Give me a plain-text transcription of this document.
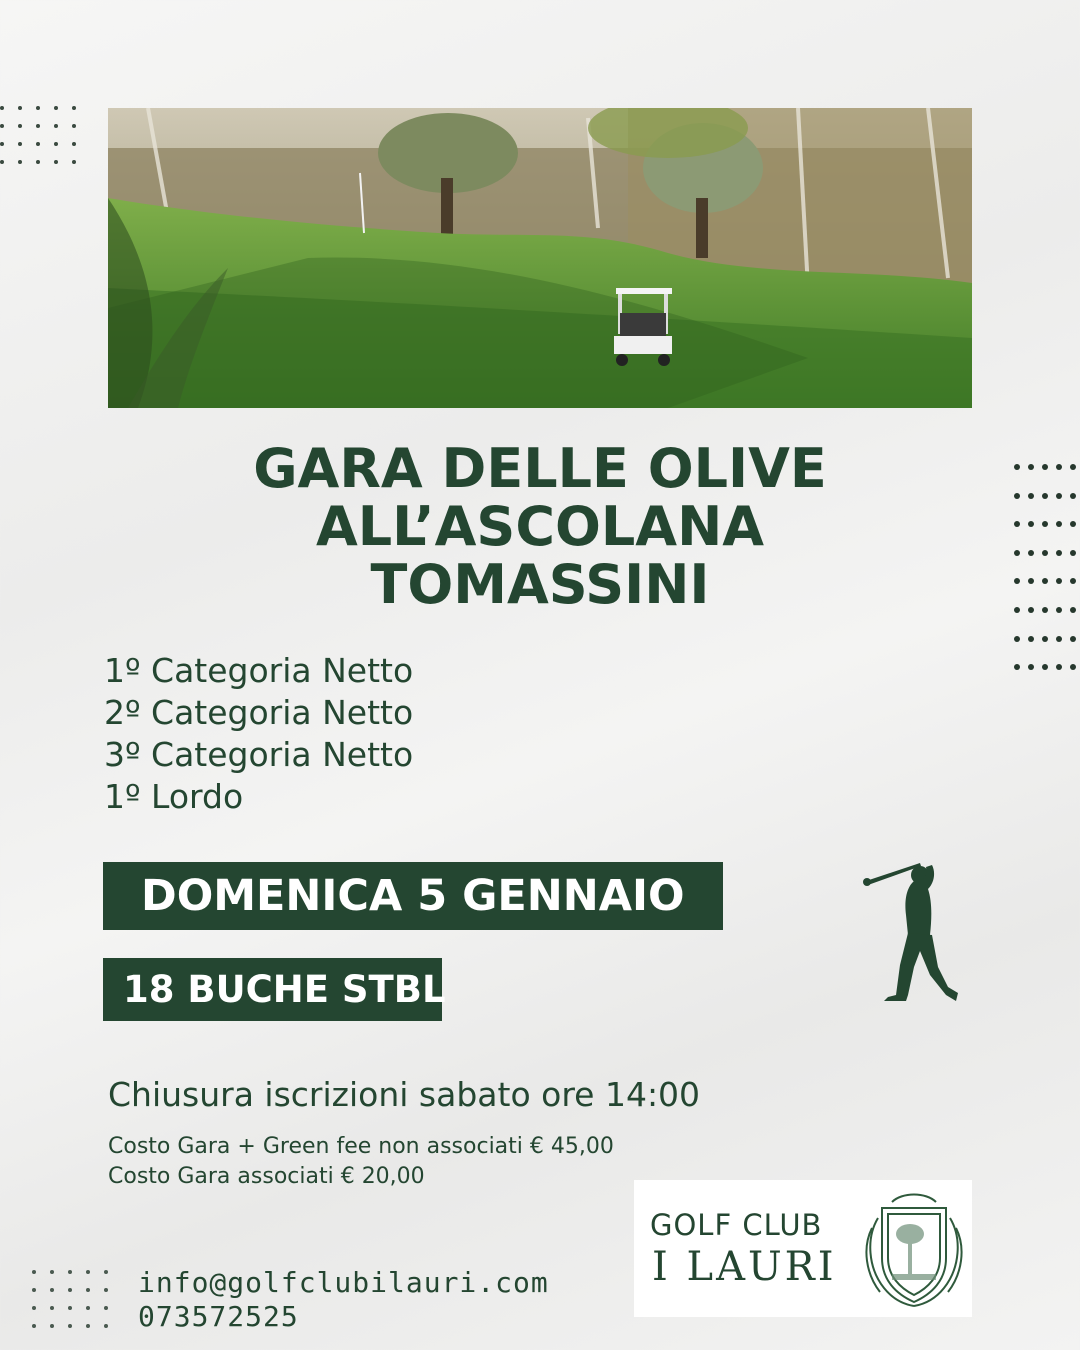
GARA DELLE OLIVE
ALL’ASCOLANA
TOMASSINI
1º Categoria Netto
2º Categoria Netto
3º Categoria Netto
1º Lordo
DOMENICA 5 GENNAIO
18 BUCHE STBL
Chiusura iscrizioni sabato ore 14:00
Costo Gara + Green fee non associati € 45,00
Costo Gara associati € 20,00
info@golfclubilauri.com
073572525
GOLF CLUB
I LAURI
